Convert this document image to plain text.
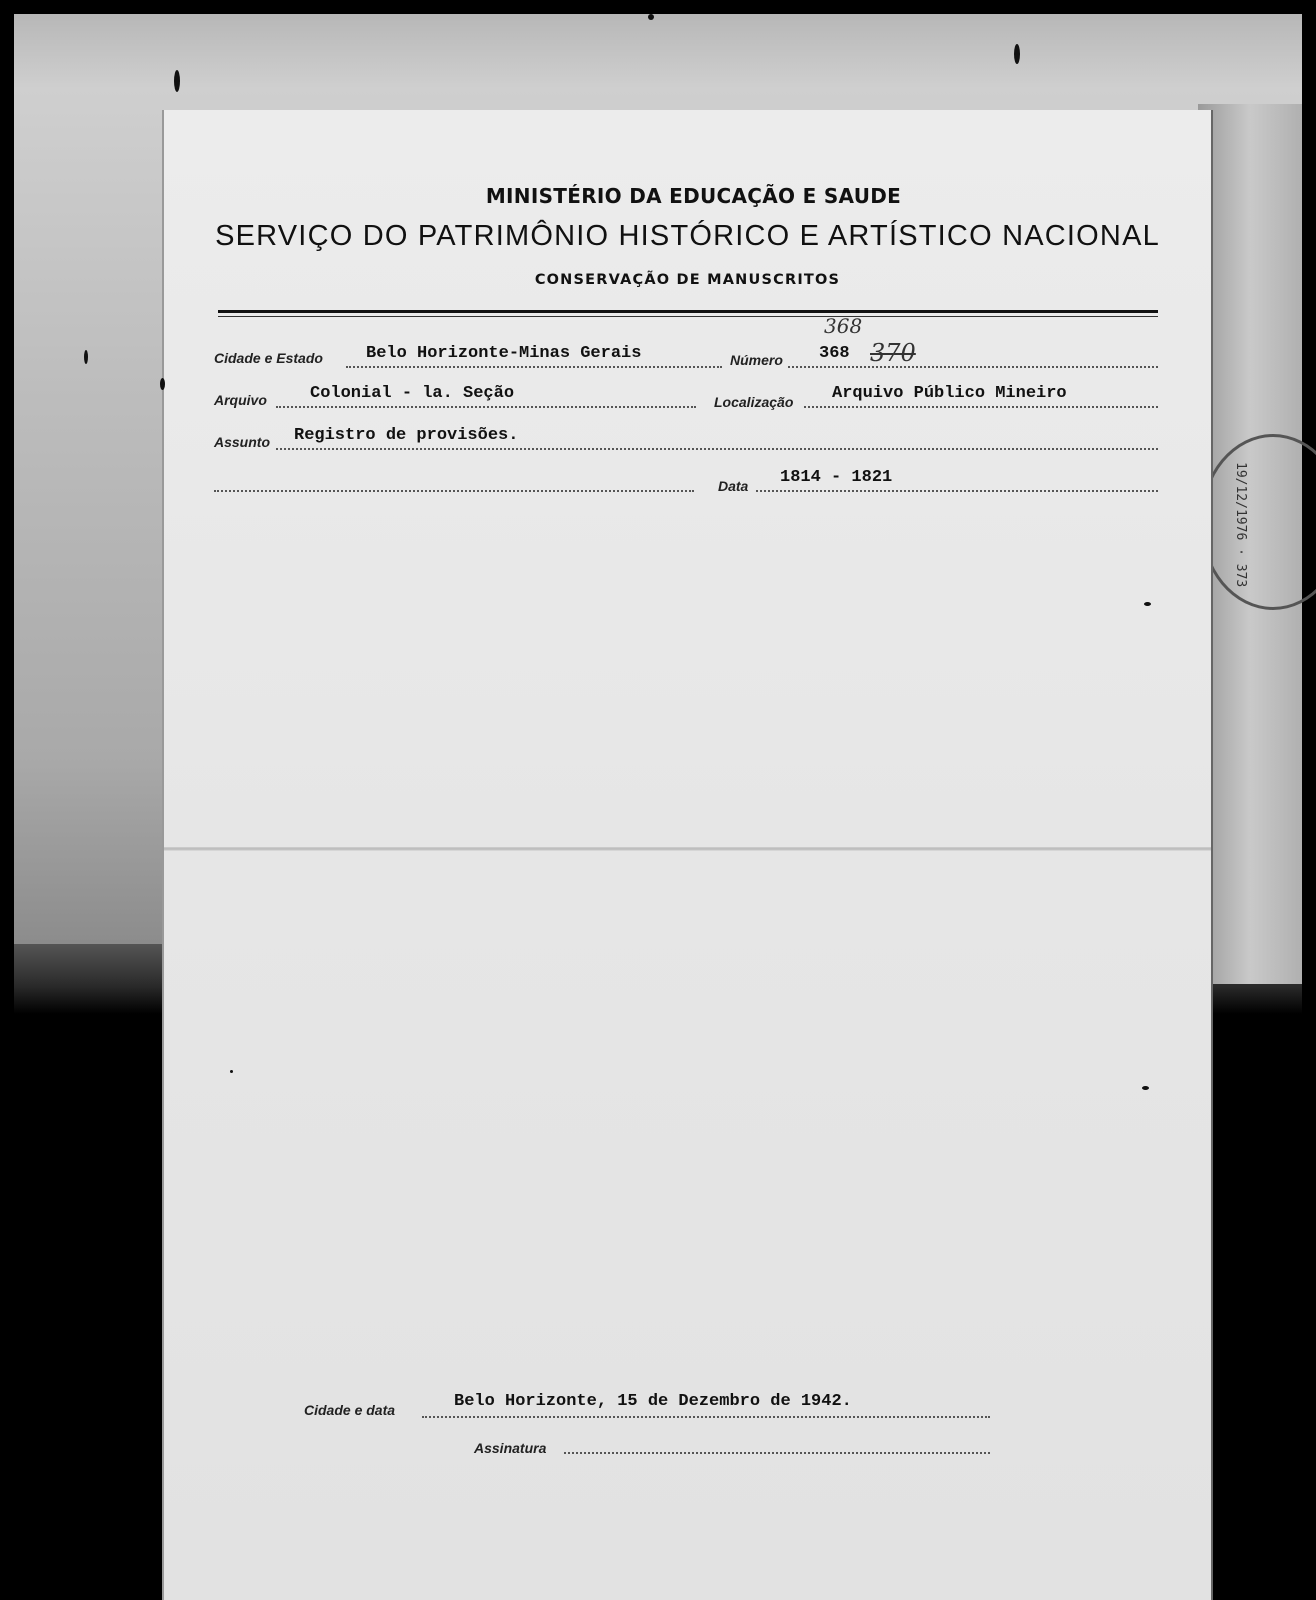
19/12/1976373
MINISTÉRIO DA EDUCAÇÃO E SAUDE
SERVIÇO DO PATRIMÔNIO HISTÓRICO E ARTÍSTICO NACIONAL
CONSERVAÇÃO DE MANUSCRITOS
Cidade e Estado	Belo Horizonte-Minas Gerais	Número 368 370
368
Arquivo	Colonial - la. Seção	Localização Arquivo Público Mineiro
Assunto Registro de provisões.
Data 1814 - 1821
Cidade e data	Belo Horizonte, 15 de Dezembro de 1942.
Assinatura
